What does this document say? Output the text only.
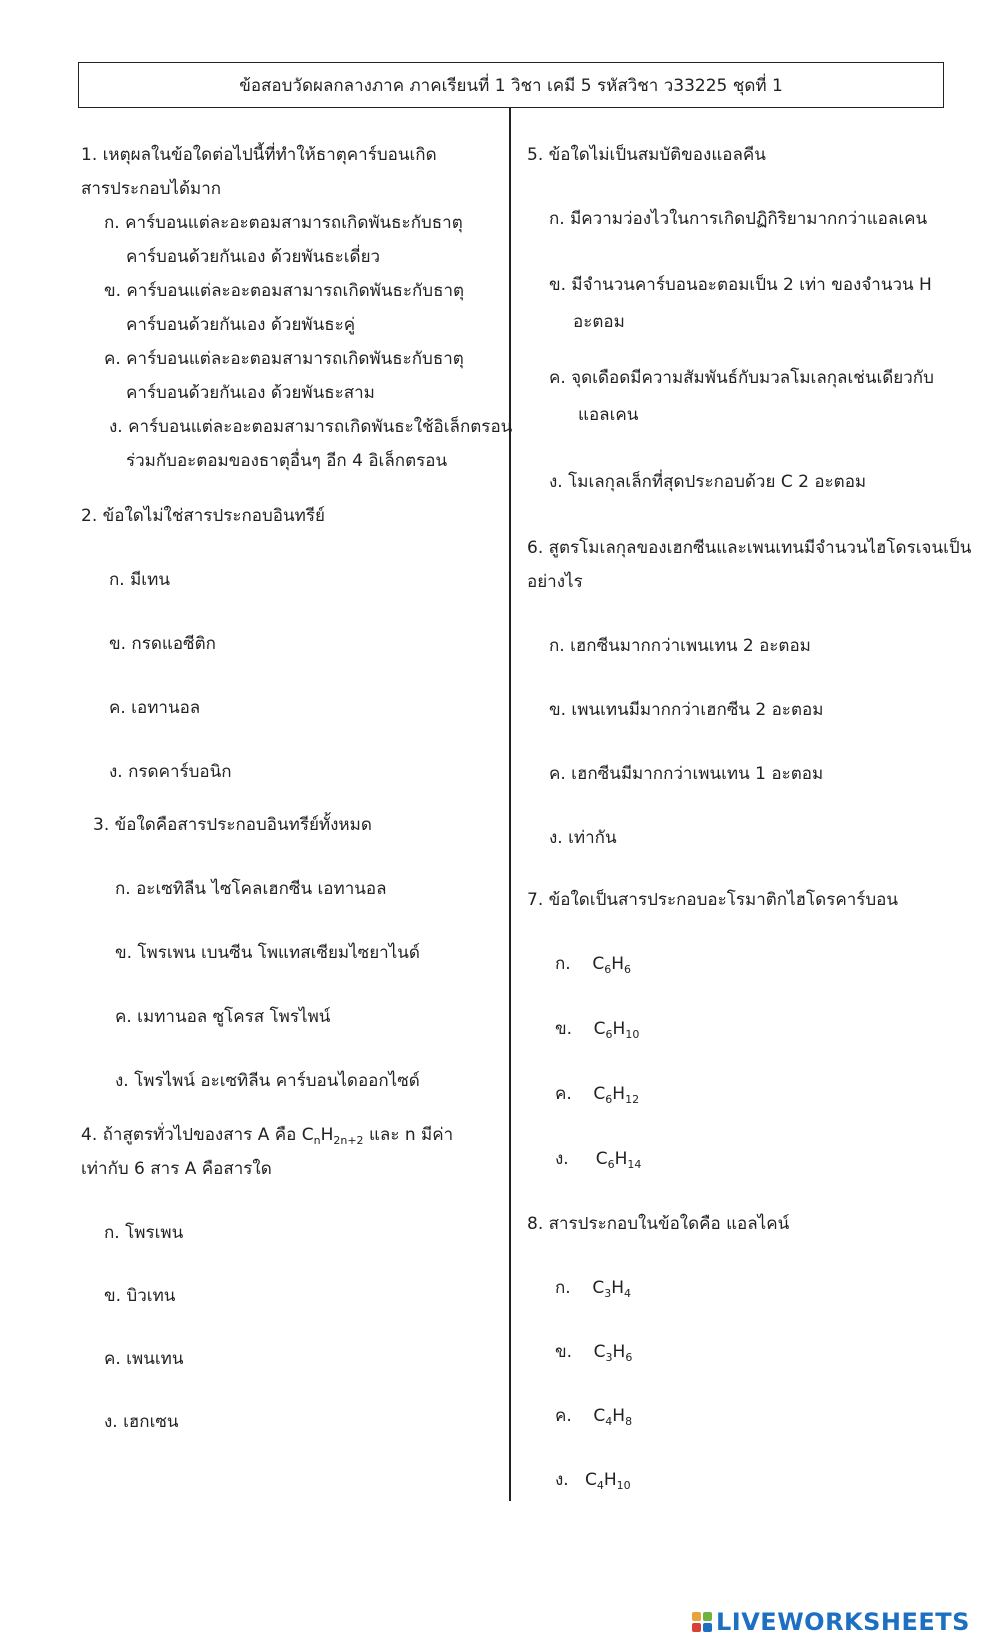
ข้อสอบวัดผลกลางภาค ภาคเรียนที่ 1 วิชา เคมี 5 รหัสวิชา ว33225 ชุดที่ 1
1. เหตุผลในข้อใดต่อไปนี้ที่ทำให้ธาตุคาร์บอนเกิด
สารประกอบได้มาก
ก. คาร์บอนแต่ละอะตอมสามารถเกิดพันธะกับธาตุ
คาร์บอนด้วยกันเอง ด้วยพันธะเดี่ยว
ข. คาร์บอนแต่ละอะตอมสามารถเกิดพันธะกับธาตุ
คาร์บอนด้วยกันเอง ด้วยพันธะคู่
ค. คาร์บอนแต่ละอะตอมสามารถเกิดพันธะกับธาตุ
คาร์บอนด้วยกันเอง ด้วยพันธะสาม
ง. คาร์บอนแต่ละอะตอมสามารถเกิดพันธะใช้อิเล็กตรอน
ร่วมกับอะตอมของธาตุอื่นๆ อีก 4 อิเล็กตรอน
2. ข้อใดไม่ใช่สารประกอบอินทรีย์
ก. มีเทน
ข. กรดแอซีติก
ค. เอทานอล
ง. กรดคาร์บอนิก
3. ข้อใดคือสารประกอบอินทรีย์ทั้งหมด
ก. อะเซทิลีน ไซโคลเฮกซีน เอทานอล
ข. โพรเพน เบนซีน โพแทสเซียมไซยาไนด์
ค. เมทานอล ซูโครส โพรไพน์
ง. โพรไพน์ อะเซทิลีน คาร์บอนไดออกไซด์
4. ถ้าสูตรทั่วไปของสาร A คือ $C_nH_{2n+2}$ และ n มีค่า
เท่ากับ 6 สาร A คือสารใด
ก. โพรเพน
ข. บิวเทน
ค. เพนเทน
ง. เฮกเซน
5. ข้อใดไม่เป็นสมบัติของแอลคีน
ก. มีความว่องไวในการเกิดปฏิกิริยามากกว่าแอลเคน
ข. มีจำนวนคาร์บอนอะตอมเป็น 2 เท่า ของจำนวน H
อะตอม
ค. จุดเดือดมีความสัมพันธ์กับมวลโมเลกุลเช่นเดียวกับ
แอลเคน
ง. โมเลกุลเล็กที่สุดประกอบด้วย C 2 อะตอม
6. สูตรโมเลกุลของเฮกซีนและเพนเทนมีจำนวนไฮโดรเจนเป็น
อย่างไร
ก. เฮกซีนมากกว่าเพนเทน 2 อะตอม
ข. เพนเทนมีมากกว่าเฮกซีน 2 อะตอม
ค. เฮกซีนมีมากกว่าเพนเทน 1 อะตอม
ง. เท่ากัน
7. ข้อใดเป็นสารประกอบอะโรมาติกไฮโดรคาร์บอน
ก. $C_6H_6$
ข. $C_6H_{10}$
ค. $C_6H_{12}$
ง. $C_6H_{14}$
8. สารประกอบในข้อใดคือ แอลไคน์
ก. $C_3H_4$
ข. $C_3H_6$
ค. $C_4H_8$
ง. $C_4H_{10}$
LIVEWORKSHEETS
